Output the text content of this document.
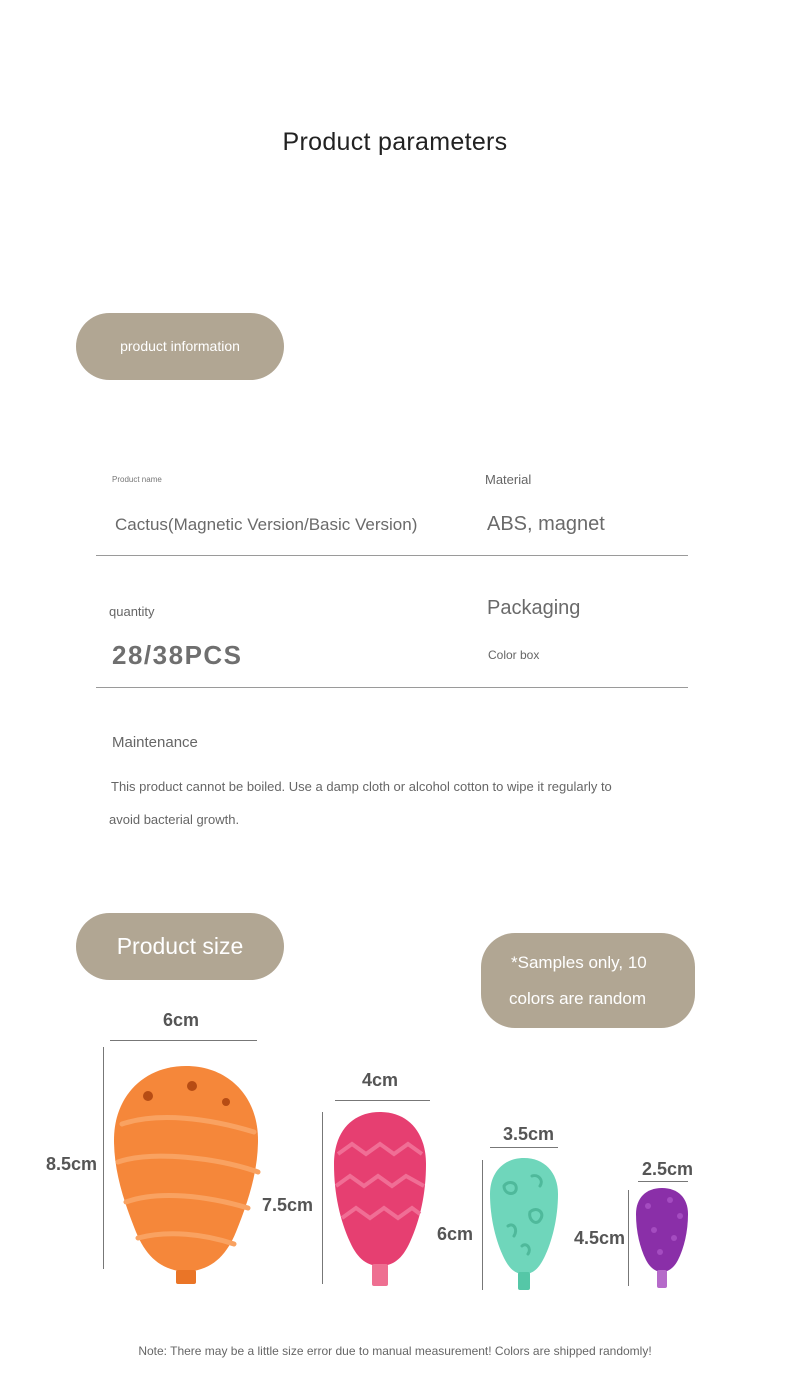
Product parameters
product information
Product name	Material
Cactus(Magnetic Version/Basic Version)	ABS, magnet
quantity	Packaging
28/38PCS	Color box
Maintenance
This product cannot be boiled. Use a damp cloth or alcohol cotton to wipe it regularly to
avoid bacterial growth.
Product size
*Samples only, 10
colors are random
6cm
8.5cm
4cm
7.5cm
3.5cm
6cm
2.5cm
4.5cm
Note: There may be a little size error due to manual measurement! Colors are shipped randomly!
